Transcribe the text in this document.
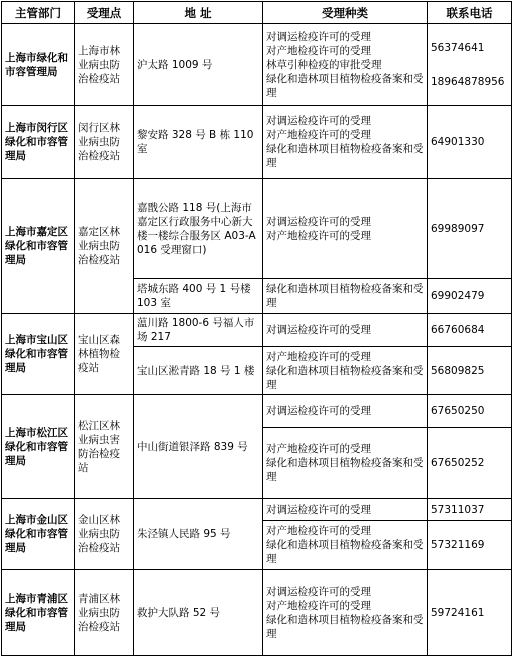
主管部门	受理点	地 址	受理种类	联系电话
上海市绿化和市容管理局	上海市林业病虫防治检疫站	沪太路 1009 号	对调运检疫许可的受理
对产地检疫许可的受理
林草引种检疫的审批受理
绿化和造林项目植物检疫备案和受理	56374641
18964878956

上海市闵行区绿化和市容管理局	闵行区林业病虫防治检疫站	黎安路 328 号 B 栋 110 室	对调运检疫许可的受理
对产地检疫许可的受理
绿化和造林项目植物检疫备案和受理	64901330
上海市嘉定区绿化和市容管理局	嘉定区林业病虫防治检疫站	嘉戬公路 118 号(上海市嘉定区行政服务中心新大楼一楼综合服务区 A03-A016 受理窗口)	对调运检疫许可的受理
对产地检疫许可的受理	69989097
		塔城东路 400 号 1 号楼 103 室	绿化和造林项目植物检疫备案和受理	69902479
上海市宝山区绿化和市容管理局	宝山区森林植物检疫站	蕰川路 1800-6 号福人市场 217	对调运检疫许可的受理	66760684
		宝山区淞青路 18 号 1 楼	对产地检疫许可的受理
绿化和造林项目植物检疫备案和受理	56809825
上海市松江区绿化和市容管理局	松江区林业病虫害防治检疫站	中山街道银泽路 839 号	对调运检疫许可的受理	67650250

			对产地检疫许可的受理
绿化和造林项目植物检疫备案和受理	67650252
上海市金山区绿化和市容管理局	金山区林业病虫防治检疫站	朱泾镇人民路 95 号	对调运检疫许可的受理	57311037

			对产地检疫许可的受理
绿化和造林项目植物检疫备案和受理	57321169
上海市青浦区绿化和市容管理局	青浦区林业病虫防治检疫站	救护大队路 52 号	对调运检疫许可的受理
对产地检疫许可的受理
绿化和造林项目植物检疫备案和受理	59724161
